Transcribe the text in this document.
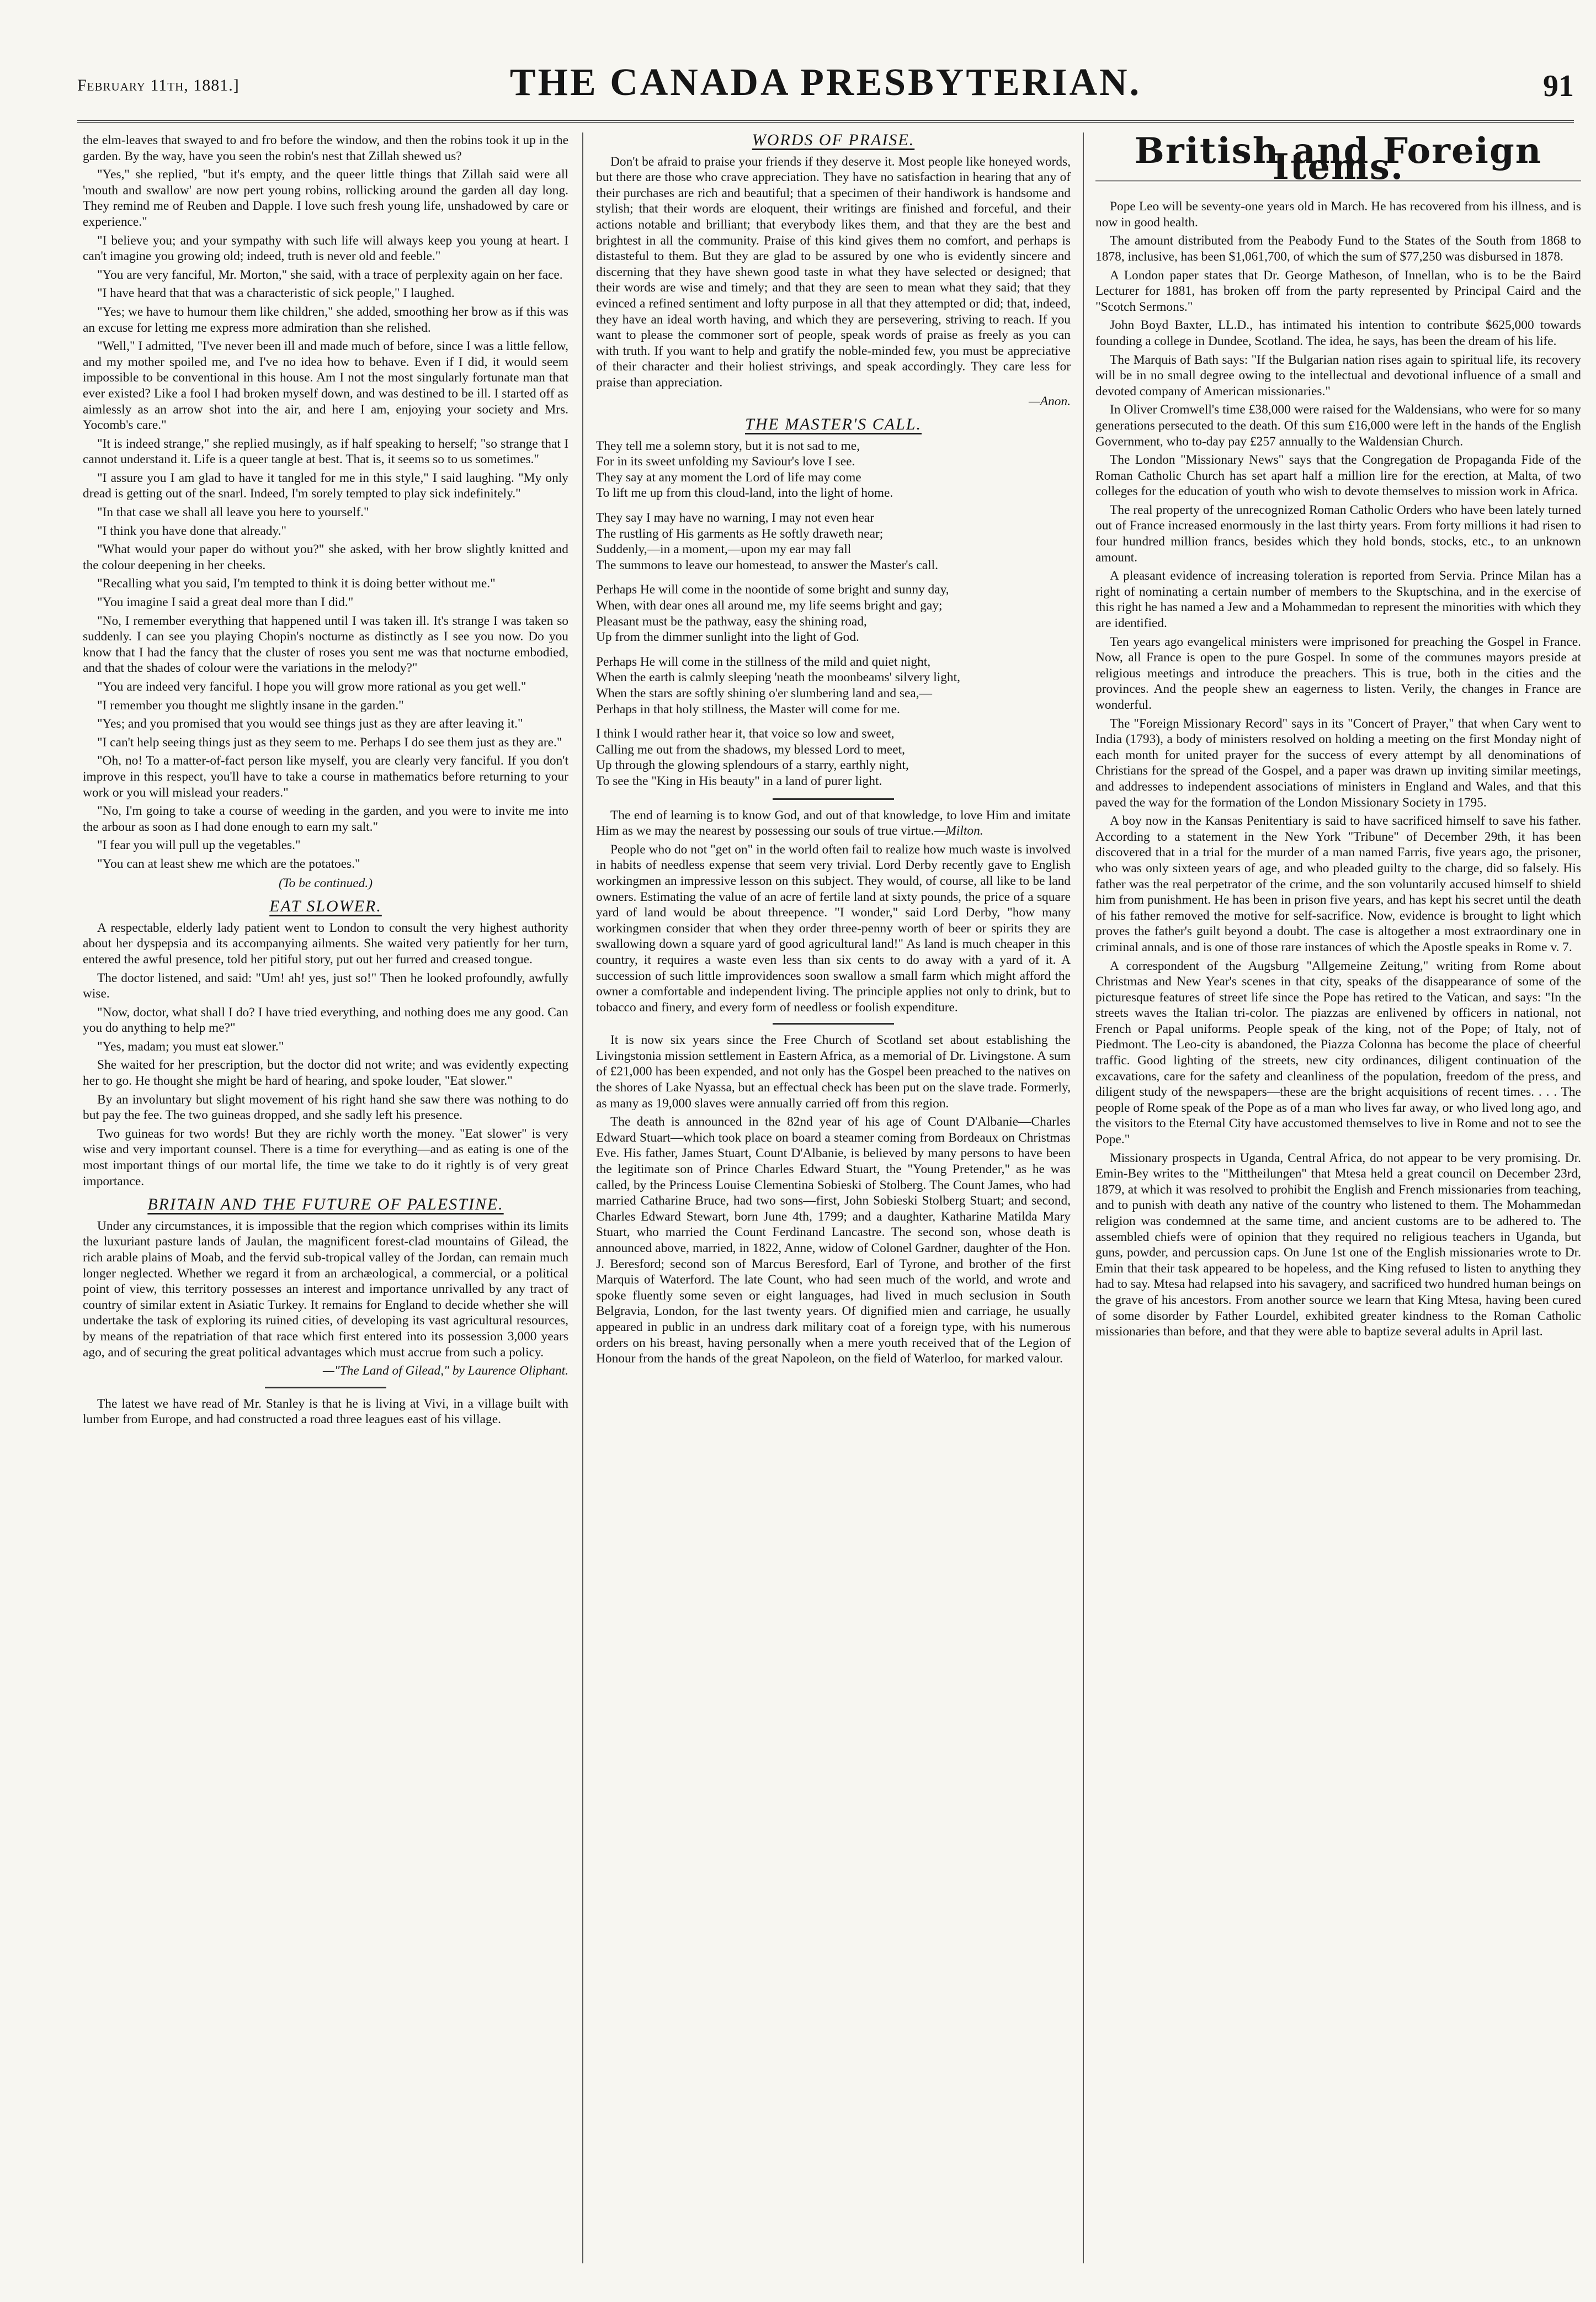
February 11th, 1881.]	THE CANADA PRESBYTERIAN.	91

the elm-leaves that swayed to and fro before the window, and then the robins took it up in the garden. By the way, have you seen the robin's nest that Zillah shewed us?

"Yes," she replied, "but it's empty, and the queer little things that Zillah said were all 'mouth and swallow' are now pert young robins, rollicking around the garden all day long. They remind me of Reuben and Dapple. I love such fresh young life, unshadowed by care or experience."

"I believe you; and your sympathy with such life will always keep you young at heart. I can't imagine you growing old; indeed, truth is never old and feeble."

"You are very fanciful, Mr. Morton," she said, with a trace of perplexity again on her face.

"I have heard that that was a characteristic of sick people," I laughed.

"Yes; we have to humour them like children," she added, smoothing her brow as if this was an excuse for letting me express more admiration than she relished.

"Well," I admitted, "I've never been ill and made much of before, since I was a little fellow, and my mother spoiled me, and I've no idea how to behave. Even if I did, it would seem impossible to be conventional in this house. Am I not the most singularly fortunate man that ever existed? Like a fool I had broken myself down, and was destined to be ill. I started off as aimlessly as an arrow shot into the air, and here I am, enjoying your society and Mrs. Yocomb's care."

"It is indeed strange," she replied musingly, as if half speaking to herself; "so strange that I cannot understand it. Life is a queer tangle at best. That is, it seems so to us sometimes."

"I assure you I am glad to have it tangled for me in this style," I said laughing. "My only dread is getting out of the snarl. Indeed, I'm sorely tempted to play sick indefinitely."

"In that case we shall all leave you here to yourself."

"I think you have done that already."

"What would your paper do without you?" she asked, with her brow slightly knitted and the colour deepening in her cheeks.

"Recalling what you said, I'm tempted to think it is doing better without me."

"You imagine I said a great deal more than I did."

"No, I remember everything that happened until I was taken ill. It's strange I was taken so suddenly. I can see you playing Chopin's nocturne as distinctly as I see you now. Do you know that I had the fancy that the cluster of roses you sent me was that nocturne embodied, and that the shades of colour were the variations in the melody?"

"You are indeed very fanciful. I hope you will grow more rational as you get well."

"I remember you thought me slightly insane in the garden."

"Yes; and you promised that you would see things just as they are after leaving it."

"I can't help seeing things just as they seem to me. Perhaps I do see them just as they are."

"Oh, no! To a matter-of-fact person like myself, you are clearly very fanciful. If you don't improve in this respect, you'll have to take a course in mathematics before returning to your work or you will mislead your readers."

"No, I'm going to take a course of weeding in the garden, and you were to invite me into the arbour as soon as I had done enough to earn my salt."

"I fear you will pull up the vegetables."

"You can at least shew me which are the potatoes."

(To be continued.)
EAT SLOWER.

A respectable, elderly lady patient went to London to consult the very highest authority about her dyspepsia and its accompanying ailments. She waited very patiently for her turn, entered the awful presence, told her pitiful story, put out her furred and creased tongue.

The doctor listened, and said: "Um! ah! yes, just so!" Then he looked profoundly, awfully wise.

"Now, doctor, what shall I do? I have tried everything, and nothing does me any good. Can you do anything to help me?"

"Yes, madam; you must eat slower."

She waited for her prescription, but the doctor did not write; and was evidently expecting her to go. He thought she might be hard of hearing, and spoke louder, "Eat slower."

By an involuntary but slight movement of his right hand she saw there was nothing to do but pay the fee. The two guineas dropped, and she sadly left his presence.

Two guineas for two words! But they are richly worth the money. "Eat slower" is very wise and very important counsel. There is a time for everything—and as eating is one of the most important things of our mortal life, the time we take to do it rightly is of very great importance.

BRITAIN AND THE FUTURE OF PALESTINE.

Under any circumstances, it is impossible that the region which comprises within its limits the luxuriant pasture lands of Jaulan, the magnificent forest-clad mountains of Gilead, the rich arable plains of Moab, and the fervid sub-tropical valley of the Jordan, can remain much longer neglected. Whether we regard it from an archæological, a commercial, or a political point of view, this territory possesses an interest and importance unrivalled by any tract of country of similar extent in Asiatic Turkey. It remains for England to decide whether she will undertake the task of exploring its ruined cities, of developing its vast agricultural resources, by means of the repatriation of that race which first entered into its possession 3,000 years ago, and of securing the great political advantages which must accrue from such a policy.

—"The Land of Gilead," by Laurence Oliphant.

The latest we have read of Mr. Stanley is that he is living at Vivi, in a village built with lumber from Europe, and had constructed a road three leagues east of his village.

WORDS OF PRAISE.

Don't be afraid to praise your friends if they deserve it. Most people like honeyed words, but there are those who crave appreciation. They have no satisfaction in hearing that any of their purchases are rich and beautiful; that a specimen of their handiwork is handsome and stylish; that their words are eloquent, their writings are finished and forceful, and their actions notable and brilliant; that everybody likes them, and that they are the best and brightest in all the community. Praise of this kind gives them no comfort, and perhaps is distasteful to them. But they are glad to be assured by one who is evidently sincere and discerning that they have shewn good taste in what they have selected or designed; that their words are wise and timely; and that they are seen to mean what they said; that they evinced a refined sentiment and lofty purpose in all that they attempted or did; that, indeed, they have an ideal worth having, and which they are persevering, striving to reach. If you want to please the commoner sort of people, speak words of praise as freely as you can with truth. If you want to help and gratify the noble-minded few, you must be appreciative of their character and their holiest strivings, and speak accordingly. They care less for praise than appreciation.

—Anon.

THE MASTER'S CALL.

They tell me a solemn story, but it is not sad to me,

For in its sweet unfolding my Saviour's love I see.

They say at any moment the Lord of life may come

To lift me up from this cloud-land, into the light of home.

They say I may have no warning, I may not even hear

The rustling of His garments as He softly draweth near;

Suddenly,—in a moment,—upon my ear may fall

The summons to leave our homestead, to answer the Master's call.

Perhaps He will come in the noontide of some bright and sunny day,

When, with dear ones all around me, my life seems bright and gay;

Pleasant must be the pathway, easy the shining road,

Up from the dimmer sunlight into the light of God.

Perhaps He will come in the stillness of the mild and quiet night,

When the earth is calmly sleeping 'neath the moonbeams' silvery light,

When the stars are softly shining o'er slumbering land and sea,—

Perhaps in that holy stillness, the Master will come for me.

I think I would rather hear it, that voice so low and sweet,

Calling me out from the shadows, my blessed Lord to meet,

Up through the glowing splendours of a starry, earthly night,

To see the "King in His beauty" in a land of purer light.

The end of learning is to know God, and out of that knowledge, to love Him and imitate Him as we may the nearest by possessing our souls of true virtue.—Milton.

People who do not "get on" in the world often fail to realize how much waste is involved in habits of needless expense that seem very trivial. Lord Derby recently gave to English workingmen an impressive lesson on this subject. They would, of course, all like to be land owners. Estimating the value of an acre of fertile land at sixty pounds, the price of a square yard of land would be about threepence. "I wonder," said Lord Derby, "how many workingmen consider that when they order three-penny worth of beer or spirits they are swallowing down a square yard of good agricultural land!" As land is much cheaper in this country, it requires a waste even less than six cents to do away with a yard of it. A succession of such little improvidences soon swallow a small farm which might afford the owner a comfortable and independent living. The principle applies not only to drink, but to tobacco and finery, and every form of needless or foolish expenditure.

It is now six years since the Free Church of Scotland set about establishing the Livingstonia mission settlement in Eastern Africa, as a memorial of Dr. Livingstone. A sum of £21,000 has been expended, and not only has the Gospel been preached to the natives on the shores of Lake Nyassa, but an effectual check has been put on the slave trade. Formerly, as many as 19,000 slaves were annually carried off from this region.

The death is announced in the 82nd year of his age of Count D'Albanie—Charles Edward Stuart—which took place on board a steamer coming from Bordeaux on Christmas Eve. His father, James Stuart, Count D'Albanie, is believed by many persons to have been the legitimate son of Prince Charles Edward Stuart, the "Young Pretender," as he was called, by the Princess Louise Clementina Sobieski of Stolberg. The Count James, who had married Catharine Bruce, had two sons—first, John Sobieski Stolberg Stuart; and second, Charles Edward Stewart, born June 4th, 1799; and a daughter, Katharine Matilda Mary Stuart, who married the Count Ferdinand Lancastre. The second son, whose death is announced above, married, in 1822, Anne, widow of Colonel Gardner, daughter of the Hon. J. Beresford; second son of Marcus Beresford, Earl of Tyrone, and brother of the first Marquis of Waterford. The late Count, who had seen much of the world, and wrote and spoke fluently some seven or eight languages, had lived in much seclusion in South Belgravia, London, for the last twenty years. Of dignified mien and carriage, he usually appeared in public in an undress dark military coat of a foreign type, with his numerous orders on his breast, having personally when a mere youth received that of the Legion of Honour from the hands of the great Napoleon, on the field of Waterloo, for marked valour.

British and Foreign Items.

Pope Leo will be seventy-one years old in March. He has recovered from his illness, and is now in good health.

The amount distributed from the Peabody Fund to the States of the South from 1868 to 1878, inclusive, has been $1,061,700, of which the sum of $77,250 was disbursed in 1878.

A London paper states that Dr. George Matheson, of Innellan, who is to be the Baird Lecturer for 1881, has broken off from the party represented by Principal Caird and the "Scotch Sermons."

John Boyd Baxter, LL.D., has intimated his intention to contribute $625,000 towards founding a college in Dundee, Scotland. The idea, he says, has been the dream of his life.

The Marquis of Bath says: "If the Bulgarian nation rises again to spiritual life, its recovery will be in no small degree owing to the intellectual and devotional influence of a small and devoted company of American missionaries."

In Oliver Cromwell's time £38,000 were raised for the Waldensians, who were for so many generations persecuted to the death. Of this sum £16,000 were left in the hands of the English Government, who to-day pay £257 annually to the Waldensian Church.

The London "Missionary News" says that the Congregation de Propaganda Fide of the Roman Catholic Church has set apart half a million lire for the erection, at Malta, of two colleges for the education of youth who wish to devote themselves to mission work in Africa.

The real property of the unrecognized Roman Catholic Orders who have been lately turned out of France increased enormously in the last thirty years. From forty millions it had risen to four hundred million francs, besides which they hold bonds, stocks, etc., to an unknown amount.

A pleasant evidence of increasing toleration is reported from Servia. Prince Milan has a right of nominating a certain number of members to the Skuptschina, and in the exercise of this right he has named a Jew and a Mohammedan to represent the minorities with which they are identified.

Ten years ago evangelical ministers were imprisoned for preaching the Gospel in France. Now, all France is open to the pure Gospel. In some of the communes mayors preside at religious meetings and introduce the preachers. This is true, both in the cities and the provinces. And the people shew an eagerness to listen. Verily, the changes in France are wonderful.

The "Foreign Missionary Record" says in its "Concert of Prayer," that when Cary went to India (1793), a body of ministers resolved on holding a meeting on the first Monday night of each month for united prayer for the success of every attempt by all denominations of Christians for the spread of the Gospel, and a paper was drawn up inviting similar meetings, and addresses to independent associations of ministers in England and Wales, and that this paved the way for the formation of the London Missionary Society in 1795.

A boy now in the Kansas Penitentiary is said to have sacrificed himself to save his father. According to a statement in the New York "Tribune" of December 29th, it has been discovered that in a trial for the murder of a man named Farris, five years ago, the prisoner, who was only sixteen years of age, and who pleaded guilty to the charge, did so falsely. His father was the real perpetrator of the crime, and the son voluntarily accused himself to shield him from punishment. He has been in prison five years, and has kept his secret until the death of his father removed the motive for self-sacrifice. Now, evidence is brought to light which proves the father's guilt beyond a doubt. The case is altogether a most extraordinary one in criminal annals, and is one of those rare instances of which the Apostle speaks in Rome v. 7.

A correspondent of the Augsburg "Allgemeine Zeitung," writing from Rome about Christmas and New Year's scenes in that city, speaks of the disappearance of some of the picturesque features of street life since the Pope has retired to the Vatican, and says: "In the streets waves the Italian tri-color. The piazzas are enlivened by officers in national, not French or Papal uniforms. People speak of the king, not of the Pope; of Italy, not of Piedmont. The Leo-city is abandoned, the Piazza Colonna has become the place of cheerful traffic. Good lighting of the streets, new city ordinances, diligent continuation of the excavations, care for the safety and cleanliness of the population, freedom of the press, and diligent study of the newspapers—these are the bright acquisitions of recent times. . . . The people of Rome speak of the Pope as of a man who lives far away, or who lived long ago, and the visitors to the Eternal City have accustomed themselves to live in Rome and not to see the Pope."

Missionary prospects in Uganda, Central Africa, do not appear to be very promising. Dr. Emin-Bey writes to the "Mittheilungen" that Mtesa held a great council on December 23rd, 1879, at which it was resolved to prohibit the English and French missionaries from teaching, and to punish with death any native of the country who listened to them. The Mohammedan religion was condemned at the same time, and ancient customs are to be adhered to. The assembled chiefs were of opinion that they required no religious teachers in Uganda, but guns, powder, and percussion caps. On June 1st one of the English missionaries wrote to Dr. Emin that their task appeared to be hopeless, and the King refused to listen to anything they had to say. Mtesa had relapsed into his savagery, and sacrificed two hundred human beings on the grave of his ancestors. From another source we learn that King Mtesa, having been cured of some disorder by Father Lourdel, exhibited greater kindness to the Roman Catholic missionaries than before, and that they were able to baptize several adults in April last.
